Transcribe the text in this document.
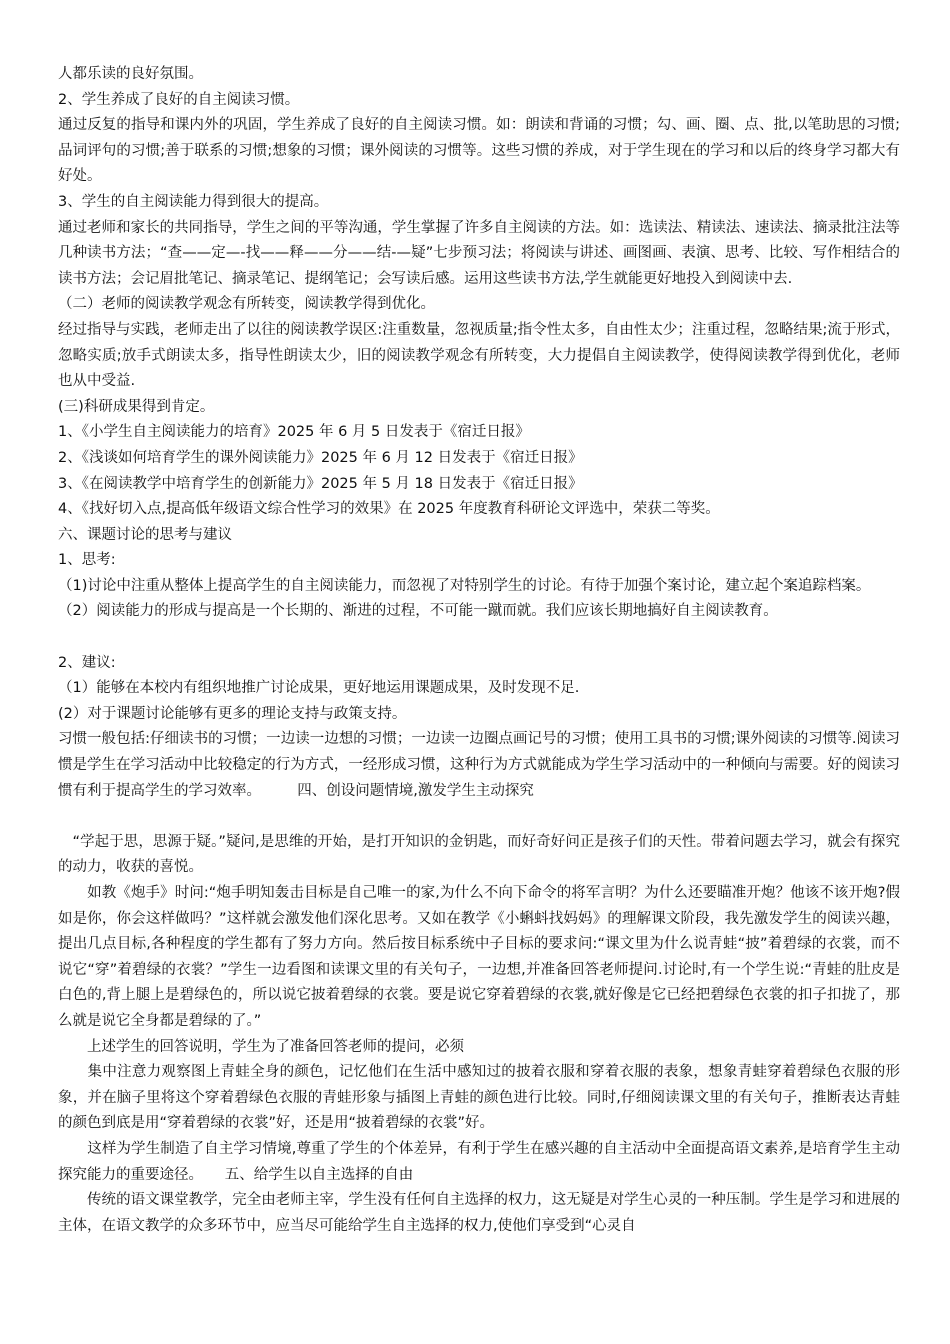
人都乐读的良好氛围。

2、学生养成了良好的自主阅读习惯。

通过反复的指导和课内外的巩固，学生养成了良好的自主阅读习惯。如：朗读和背诵的习惯；勾、画、圈、点、批,以笔助思的习惯;品词评句的习惯;善于联系的习惯;想象的习惯；课外阅读的习惯等。这些习惯的养成，对于学生现在的学习和以后的终身学习都大有好处。

3、学生的自主阅读能力得到很大的提高。

通过老师和家长的共同指导，学生之间的平等沟通，学生掌握了许多自主阅读的方法。如：选读法、精读法、速读法、摘录批注法等几种读书方法；“查——定—-找——释——分——结-—疑”七步预习法；将阅读与讲述、画图画、表演、思考、比较、写作相结合的读书方法；会记眉批笔记、摘录笔记、提纲笔记；会写读后感。运用这些读书方法,学生就能更好地投入到阅读中去.

（二）老师的阅读教学观念有所转变，阅读教学得到优化。

经过指导与实践，老师走出了以往的阅读教学误区:注重数量，忽视质量;指令性太多，自由性太少；注重过程，忽略结果;流于形式，忽略实质;放手式朗读太多，指导性朗读太少，旧的阅读教学观念有所转变，大力提倡自主阅读教学，使得阅读教学得到优化，老师也从中受益.

(三)科研成果得到肯定。

1、《小学生自主阅读能力的培育》2025 年 6 月 5 日发表于《宿迁日报》

2、《浅谈如何培育学生的课外阅读能力》2025 年 6 月 12 日发表于《宿迁日报》

3、《在阅读教学中培育学生的创新能力》2025 年 5 月 18 日发表于《宿迁日报》

4、《找好切入点,提高低年级语文综合性学习的效果》在 2025 年度教育科研论文评选中，荣获二等奖。

六、课题讨论的思考与建议

1、思考:

（1)讨论中注重从整体上提高学生的自主阅读能力，而忽视了对特别学生的讨论。有待于加强个案讨论，建立起个案追踪档案。

（2）阅读能力的形成与提高是一个长期的、渐进的过程，不可能一蹴而就。我们应该长期地搞好自主阅读教育。

2、建议:

（1）能够在本校内有组织地推广讨论成果，更好地运用课题成果，及时发现不足.

(2）对于课题讨论能够有更多的理论支持与政策支持。

习惯一般包括:仔细读书的习惯；一边读一边想的习惯；一边读一边圈点画记号的习惯；使用工具书的习惯;课外阅读的习惯等.阅读习惯是学生在学习活动中比较稳定的行为方式，一经形成习惯，这种行为方式就能成为学生学习活动中的一种倾向与需要。好的阅读习惯有利于提高学生的学习效率。　　　四、创设问题情境,激发学生主动探究

　“学起于思，思源于疑。”疑问,是思维的开始，是打开知识的金钥匙，而好奇好问正是孩子们的天性。带着问题去学习，就会有探究的动力，收获的喜悦。

　　如教《炮手》时问:“炮手明知轰击目标是自己唯一的家,为什么不向下命令的将军言明？为什么还要瞄准开炮？他该不该开炮?假如是你，你会这样做吗？”这样就会激发他们深化思考。又如在教学《小蝌蚪找妈妈》的理解课文阶段，我先激发学生的阅读兴趣，提出几点目标,各种程度的学生都有了努力方向。然后按目标系统中子目标的要求问:“课文里为什么说青蛙“披”着碧绿的衣裳，而不说它“穿”着碧绿的衣裳？”学生一边看图和读课文里的有关句子，一边想,并准备回答老师提问.讨论时,有一个学生说:“青蛙的肚皮是白色的,背上腿上是碧绿色的，所以说它披着碧绿的衣裳。要是说它穿着碧绿的衣裳,就好像是它已经把碧绿色衣裳的扣子扣拢了，那么就是说它全身都是碧绿的了。”

　　上述学生的回答说明，学生为了准备回答老师的提问，必须

　　集中注意力观察图上青蛙全身的颜色，记忆他们在生活中感知过的披着衣服和穿着衣服的表象，想象青蛙穿着碧绿色衣服的形象，并在脑子里将这个穿着碧绿色衣服的青蛙形象与插图上青蛙的颜色进行比较。同时,仔细阅读课文里的有关句子，推断表达青蛙的颜色到底是用“穿着碧绿的衣裳”好，还是用“披着碧绿的衣裳”好。

　　这样为学生制造了自主学习情境,尊重了学生的个体差异，有利于学生在感兴趣的自主活动中全面提高语文素养,是培育学生主动探究能力的重要途径。　　五、给学生以自主选择的自由

　　传统的语文课堂教学，完全由老师主宰，学生没有任何自主选择的权力，这无疑是对学生心灵的一种压制。学生是学习和进展的主体，在语文教学的众多环节中，应当尽可能给学生自主选择的权力,使他们享受到“心灵自
